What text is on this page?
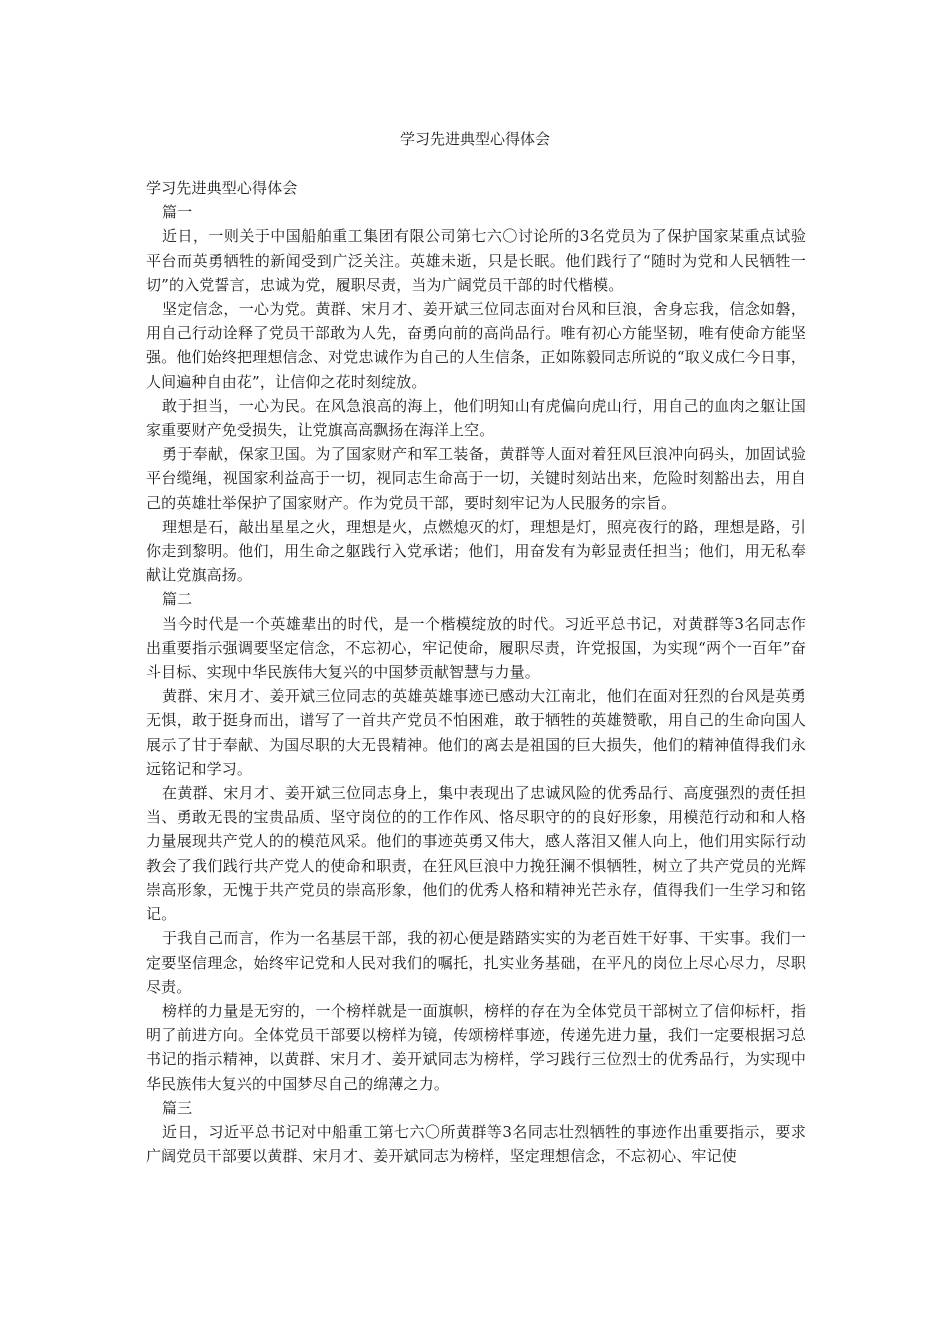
学习先进典型心得体会

学习先进典型心得体会

篇一

近日，一则关于中国船舶重工集团有限公司第七六〇讨论所的3名党员为了保护国家某重点试验平台而英勇牺牲的新闻受到广泛关注。英雄未逝，只是长眠。他们践行了“随时为党和人民牺牲一切”的入党誓言，忠诚为党，履职尽责，当为广阔党员干部的时代楷模。

坚定信念，一心为党。黄群、宋月才、姜开斌三位同志面对台风和巨浪，舍身忘我，信念如磐，用自己行动诠释了党员干部敢为人先，奋勇向前的高尚品行。唯有初心方能坚韧，唯有使命方能坚强。他们始终把理想信念、对党忠诚作为自己的人生信条，正如陈毅同志所说的“取义成仁今日事，人间遍种自由花”，让信仰之花时刻绽放。

敢于担当，一心为民。在风急浪高的海上，他们明知山有虎偏向虎山行，用自己的血肉之躯让国家重要财产免受损失，让党旗高高飘扬在海洋上空。

勇于奉献，保家卫国。为了国家财产和军工装备，黄群等人面对着狂风巨浪冲向码头，加固试验平台缆绳，视国家利益高于一切，视同志生命高于一切，关键时刻站出来，危险时刻豁出去，用自己的英雄壮举保护了国家财产。作为党员干部，要时刻牢记为人民服务的宗旨。

理想是石，敲出星星之火，理想是火，点燃熄灭的灯，理想是灯，照亮夜行的路，理想是路，引你走到黎明。他们，用生命之躯践行入党承诺；他们，用奋发有为彰显责任担当；他们，用无私奉献让党旗高扬。

篇二

当今时代是一个英雄辈出的时代，是一个楷模绽放的时代。习近平总书记，对黄群等3名同志作出重要指示强调要坚定信念，不忘初心，牢记使命，履职尽责，许党报国，为实现“两个一百年”奋斗目标、实现中华民族伟大复兴的中国梦贡献智慧与力量。

黄群、宋月才、姜开斌三位同志的英雄英雄事迹已感动大江南北，他们在面对狂烈的台风是英勇无惧，敢于挺身而出，谱写了一首共产党员不怕困难，敢于牺牲的英雄赞歌，用自己的生命向国人展示了甘于奉献、为国尽职的大无畏精神。他们的离去是祖国的巨大损失，他们的精神值得我们永远铭记和学习。

在黄群、宋月才、姜开斌三位同志身上，集中表现出了忠诚风险的优秀品行、高度强烈的责任担当、勇敢无畏的宝贵品质、坚守岗位的的工作作风、恪尽职守的的良好形象，用模范行动和和人格力量展现共产党人的的模范风采。他们的事迹英勇又伟大，感人落泪又催人向上，他们用实际行动教会了我们践行共产党人的使命和职责，在狂风巨浪中力挽狂澜不惧牺牲，树立了共产党员的光辉崇高形象，无愧于共产党员的崇高形象，他们的优秀人格和精神光芒永存，值得我们一生学习和铭记。

于我自己而言，作为一名基层干部，我的初心便是踏踏实实的为老百姓干好事、干实事。我们一定要坚信理念，始终牢记党和人民对我们的嘱托，扎实业务基础，在平凡的岗位上尽心尽力，尽职尽责。

榜样的力量是无穷的，一个榜样就是一面旗帜，榜样的存在为全体党员干部树立了信仰标杆，指明了前进方向。全体党员干部要以榜样为镜，传颂榜样事迹，传递先进力量，我们一定要根据习总书记的指示精神，以黄群、宋月才、姜开斌同志为榜样，学习践行三位烈士的优秀品行，为实现中华民族伟大复兴的中国梦尽自己的绵薄之力。

篇三

近日，习近平总书记对中船重工第七六〇所黄群等3名同志壮烈牺牲的事迹作出重要指示，要求广阔党员干部要以黄群、宋月才、姜开斌同志为榜样，坚定理想信念，不忘初心、牢记使
